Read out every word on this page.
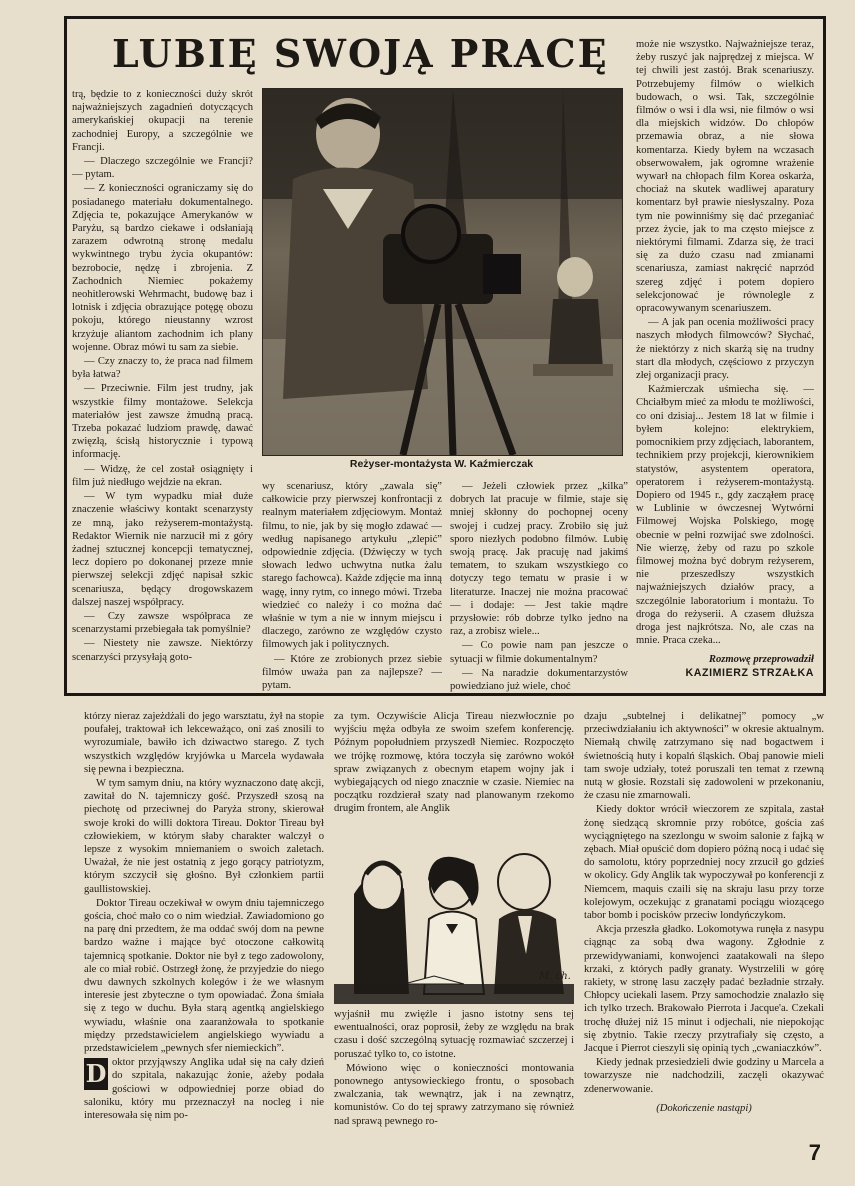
LUBIĘ SWOJĄ PRACĘ

trą, będzie to z konieczności duży skrót najważniejszych zagadnień dotyczących amerykańskiej okupacji na terenie zachodniej Europy, a szczególnie we Francji.

— Dlaczego szczególnie we Francji? — pytam.

— Z konieczności ograniczamy się do posiadanego materiału dokumentalnego. Zdjęcia te, pokazujące Amerykanów w Paryżu, są bardzo ciekawe i odsłaniają zarazem odwrotną stronę medalu wykwintnego trybu życia okupantów: bezrobocie, nędzę i zbrojenia. Z Zachodnich Niemiec pokażemy neohitlerowski Wehrmacht, budowę baz i lotnisk i zdjęcia obrazujące potęgę obozu pokoju, którego nieustanny wzrost krzyżuje aliantom zachodnim ich plany wojenne. Obraz mówi tu sam za siebie.

— Czy znaczy to, że praca nad filmem była łatwa?

— Przeciwnie. Film jest trudny, jak wszystkie filmy montażowe. Selekcja materiałów jest zawsze żmudną pracą. Trzeba pokazać ludziom prawdę, dawać zwięzłą, ścisłą historycznie i typową informację.

— Widzę, że cel został osiągnięty i film już niedługo wejdzie na ekran.

— W tym wypadku miał duże znaczenie właściwy kontakt scenarzysty ze mną, jako reżyserem-montażystą. Redaktor Wiernik nie narzucił mi z góry żadnej sztucznej koncepcji tematycznej, lecz dopiero po dokonanej przeze mnie pierwszej selekcji zdjęć napisał szkic scenariusza, będący drogowskazem dalszej naszej współpracy.

— Czy zawsze współpraca ze scenarzystami przebiegała tak pomyślnie?

— Niestety nie zawsze. Niektórzy scenarzyści przysyłają goto-

Reżyser-montażysta W. Kaźmierczak

wy scenariusz, który „zawala się” całkowicie przy pierwszej konfrontacji z realnym materiałem zdjęciowym. Montaż filmu, to nie, jak by się mogło zdawać — według napisanego artykułu „zlepić” odpowiednie zdjęcia. (Dźwięczy w tych słowach ledwo uchwytna nutka żalu starego fachowca). Każde zdjęcie ma inną wagę, inny rytm, co innego mówi. Trzeba wiedzieć co należy i co można dać właśnie w tym a nie w innym miejscu i dlaczego, zarówno ze względów czysto filmowych jak i politycznych.

— Które ze zrobionych przez siebie filmów uważa pan za najlepsze? — pytam.

— Jeżeli człowiek przez „kilka” dobrych lat pracuje w filmie, staje się mniej skłonny do pochopnej oceny swojej i cudzej pracy. Zrobiło się już sporo niezłych podobno filmów. Lubię swoją pracę. Jak pracuję nad jakimś tematem, to szukam wszystkiego co dotyczy tego tematu w prasie i w literaturze. Inaczej nie można pracować — i dodaje: — Jest takie mądre przysłowie: rób dobrze tylko jedno na raz, a zrobisz wiele...

— Co powie nam pan jeszcze o sytuacji w filmie dokumentalnym?

— Na naradzie dokumentarzystów powiedziano już wiele, choć

może nie wszystko. Najważniejsze teraz, żeby ruszyć jak najprędzej z miejsca. W tej chwili jest zastój. Brak scenariuszy. Potrzebujemy filmów o wielkich budowach, o wsi. Tak, szczególnie filmów o wsi i dla wsi, nie filmów o wsi dla miejskich widzów. Do chłopów przemawia obraz, a nie słowa komentarza. Kiedy byłem na wczasach obserwowałem, jak ogromne wrażenie wywarł na chłopach film Korea oskarża, chociaż na skutek wadliwej aparatury komentarz był prawie niesłyszalny. Poza tym nie powinniśmy się dać przeganiać przez życie, jak to ma często miejsce z niektórymi filmami. Zdarza się, że traci się za dużo czasu nad zmianami scenariusza, zamiast nakręcić naprzód szereg zdjęć i potem dopiero selekcjonować je równolegle z opracowywanym scenariuszem.

— A jak pan ocenia możliwości pracy naszych młodych filmowców? Słychać, że niektórzy z nich skarżą się na trudny start dla młodych, częściowo z przyczyn złej organizacji pracy.

Kaźmierczak uśmiecha się. — Chciałbym mieć za młodu te możliwości, co oni dzisiaj... Jestem 18 lat w filmie i byłem kolejno: elektrykiem, pomocnikiem przy zdjęciach, laborantem, technikiem przy projekcji, kierownikiem statystów, asystentem operatora, operatorem i reżyserem-montażystą. Dopiero od 1945 r., gdy zacząłem pracę w Lublinie w ówczesnej Wytwórni Filmowej Wojska Polskiego, mogę obecnie w pełni rozwijać swe zdolności. Nie wierzę, żeby od razu po szkole filmowej można być dobrym reżyserem, nie przeszedłszy wszystkich najważniejszych działów pracy, a szczególnie laboratorium i montażu. To droga do reżyserii. A czasem dłuższa droga jest najkrótsza. No, ale czas na mnie. Praca czeka...

Rozmowę przeprowadził
KAZIMIERZ STRZAŁKA

którzy nieraz zajeżdżali do jego warsztatu, żył na stopie poufałej, traktował ich lekceważąco, oni zaś znosili to wyrozumiale, bawiło ich dziwactwo starego. Z tych wszystkich względów kryjówka u Marcela wydawała się pewna i bezpieczna.

W tym samym dniu, na który wyznaczono datę akcji, zawitał do N. tajemniczy gość. Przyszedł szosą na piechotę od przeciwnej do Paryża strony, skierował swoje kroki do willi doktora Tireau. Doktor Tireau był człowiekiem, w którym słaby charakter walczył o lepsze z wysokim mniemaniem o swoich zaletach. Uważał, że nie jest ostatnią z jego gorący patriotyzm, którym szczycił się głośno. Był członkiem partii gaullistowskiej.

Doktor Tireau oczekiwał w owym dniu tajemniczego gościa, choć mało co o nim wiedział. Zawiadomiono go na parę dni przedtem, że ma oddać swój dom na pewne bardzo ważne i mające być otoczone całkowitą tajemnicą spotkanie. Doktor nie był z tego zadowolony, ale co miał robić. Ostrzegł żonę, że przyjedzie do niego dwu dawnych szkolnych kolegów i że we własnym interesie jest zbyteczne o tym opowiadać. Żona śmiała się z tego w duchu. Była starą agentką angielskiego wywiadu, właśnie ona zaaranżowała to spotkanie między przedstawicielem angielskiego wywiadu a przedstawicielem „pewnych sfer niemieckich”.

D oktor przyjąwszy Anglika udał się na cały dzień do szpitala, nakazując żonie, ażeby podała gościowi w odpowiedniej porze obiad do saloniku, który mu przeznaczył na nocleg i nie interesowała się nim po-

za tym. Oczywiście Alicja Tireau niezwłocznie po wyjściu męża odbyła ze swoim szefem konferencję. Późnym popołudniem przyszedł Niemiec. Rozpoczęto we trójkę rozmowę, która toczyła się zarówno wokół spraw związanych z obecnym etapem wojny jak i wybiegających od niego znacznie w czasie. Niemiec na początku rozdzierał szaty nad planowanym rzekomo drugim frontem, ale Anglik

M. ch.

wyjaśnił mu zwięźle i jasno istotny sens tej ewentualności, oraz poprosił, żeby ze względu na brak czasu i dość szczególną sytuację rozmawiać szczerzej i poruszać tylko to, co istotne.

Mówiono więc o konieczności montowania ponownego antysowieckiego frontu, o sposobach zwalczania, tak wewnątrz, jak i na zewnątrz, komunistów. Co do tej sprawy zatrzymano się również nad sprawą pewnego ro-

dzaju „subtelnej i delikatnej” pomocy „w przeciwdziałaniu ich aktywności” w okresie aktualnym. Niemałą chwilę zatrzymano się nad bogactwem i świetnością huty i kopalń śląskich. Obaj panowie mieli tam swoje udziały, toteż poruszali ten temat z rzewną nutą w głosie. Rozstali się zadowoleni w przekonaniu, że czasu nie zmarnowali.

Kiedy doktor wrócił wieczorem ze szpitala, zastał żonę siedzącą skromnie przy robótce, gościa zaś wyciągniętego na szezlongu w swoim salonie z fajką w zębach. Miał opuścić dom dopiero późną nocą i udać się do samolotu, który poprzedniej nocy zrzucił go gdzieś w okolicy. Gdy Anglik tak wypoczywał po konferencji z Niemcem, maquis czaili się na skraju lasu przy torze kolejowym, oczekując z granatami pociągu wiozącego tabor bomb i pocisków przeciw londyńczykom.

Akcja przeszła gładko. Lokomotywa runęła z nasypu ciągnąc za sobą dwa wagony. Zgłodnie z przewidywaniami, konwojenci zaatakowali na ślepo krzaki, z których padły granaty. Wystrzelili w górę rakiety, w stronę lasu zaczęły padać bezładnie strzały. Chłopcy uciekali lasem. Przy samochodzie znalazło się ich tylko trzech. Brakowało Pierrota i Jacque'a. Czekali trochę dłużej niż 15 minut i odjechali, nie niepokojąc się zbytnio. Takie rzeczy przytrafiały się często, a Jacque i Pierrot cieszyli się opinią tych „cwaniaczków”.

Kiedy jednak przesiedzieli dwie godziny u Marcela a towarzysze nie nadchodzili, zaczęli okazywać zdenerwowanie.

(Dokończenie nastąpi)
7
